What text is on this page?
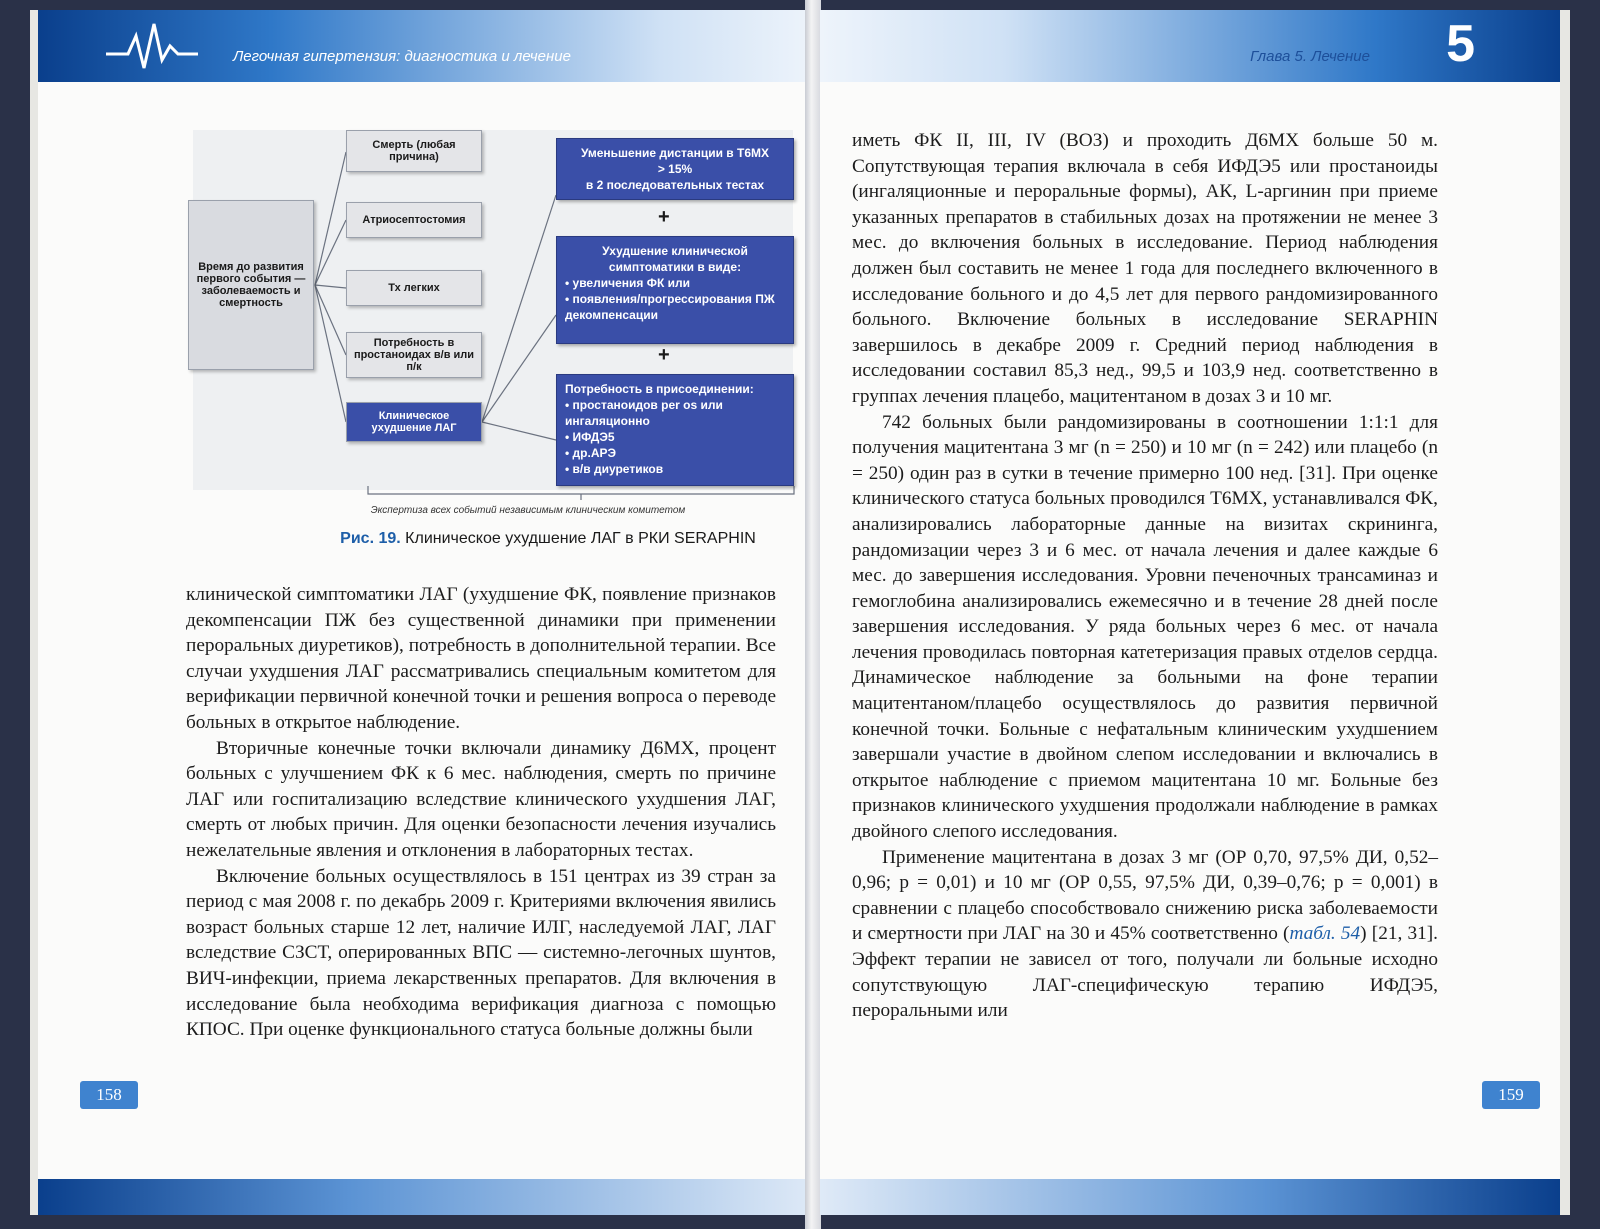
Легочная гипертензия: диагностика и лечение
Время до развития первого события — заболеваемость и смертность
Смерть (любая причина)
Атриосептостомия
Тх легких
Потребность в простаноидах в/в или п/к
Клиническое ухудшение ЛАГ
Уменьшение дистанции в Т6МХ
> 15%
в 2 последовательных тестах
+
Ухудшение клинической симптоматики в виде:
• увеличения ФК или
• появления/прогрессирования ПЖ декомпенсации
+
Потребность в присоединении:
• простаноидов per os или ингаляционно
• ИФДЭ5
• др.АРЭ
• в/в диуретиков
Экспертиза всех событий независимым клиническим комитетом
Рис. 19. Клиническое ухудшение ЛАГ в РКИ SERAPHIN

клинической симптоматики ЛАГ (ухудшение ФК, появление признаков декомпенсации ПЖ без существенной динамики при применении пероральных диуретиков), потребность в дополнительной терапии. Все случаи ухудшения ЛАГ рассматривались специальным комитетом для верификации первичной конечной точки и решения вопроса о переводе больных в открытое наблюдение.

Вторичные конечные точки включали динамику Д6МХ, процент больных с улучшением ФК к 6 мес. наблюдения, смерть по причине ЛАГ или госпитализацию вследствие клинического ухудшения ЛАГ, смерть от любых причин. Для оценки безопасности лечения изучались нежелательные явления и отклонения в лабораторных тестах.

Включение больных осуществлялось в 151 центрах из 39 стран за период с мая 2008 г. по декабрь 2009 г. Критериями включения явились возраст больных старше 12 лет, наличие ИЛГ, наследуемой ЛАГ, ЛАГ вследствие СЗСТ, оперированных ВПС — системно-легочных шунтов, ВИЧ-инфекции, приема лекарственных препаратов. Для включения в исследование была необходима верификация диагноза с помощью КПОС. При оценке функционального статуса больные должны были

158
Глава 5. Лечение 5

иметь ФК II, III, IV (ВОЗ) и проходить Д6МХ больше 50 м. Сопутствующая терапия включала в себя ИФДЭ5 или простаноиды (ингаляционные и пероральные формы), АК, L-аргинин при приеме указанных препаратов в стабильных дозах на протяжении не менее 3 мес. до включения больных в исследование. Период наблюдения должен был составить не менее 1 года для последнего включенного в исследование больного и до 4,5 лет для первого рандомизированного больного. Включение больных в исследование SERAPHIN завершилось в декабре 2009 г. Средний период наблюдения в исследовании составил 85,3 нед., 99,5 и 103,9 нед. соответственно в группах лечения плацебо, мацитентаном в дозах 3 и 10 мг.

742 больных были рандомизированы в соотношении 1:1:1 для получения мацитентана 3 мг (n = 250) и 10 мг (n = 242) или плацебо (n = 250) один раз в сутки в течение примерно 100 нед. [31]. При оценке клинического статуса больных проводился Т6МХ, устанавливался ФК, анализировались лабораторные данные на визитах скрининга, рандомизации через 3 и 6 мес. от начала лечения и далее каждые 6 мес. до завершения исследования. Уровни печеночных трансаминаз и гемоглобина анализировались ежемесячно и в течение 28 дней после завершения исследования. У ряда больных через 6 мес. от начала лечения проводилась повторная катетеризация правых отделов сердца. Динамическое наблюдение за больными на фоне терапии мацитентаном/плацебо осуществлялось до развития первичной конечной точки. Больные с нефатальным клиническим ухудшением завершали участие в двойном слепом исследовании и включались в открытое наблюдение с приемом мацитентана 10 мг. Больные без признаков клинического ухудшения продолжали наблюдение в рамках двойного слепого исследования.

Применение мацитентана в дозах 3 мг (ОР 0,70, 97,5% ДИ, 0,52–0,96; p = 0,01) и 10 мг (ОР 0,55, 97,5% ДИ, 0,39–0,76; p = 0,001) в сравнении с плацебо способствовало снижению риска заболеваемости и смертности при ЛАГ на 30 и 45% соответственно (табл. 54) [21, 31]. Эффект терапии не зависел от того, получали ли больные исходно сопутствующую ЛАГ-специфическую терапию ИФДЭ5, пероральными или

159
